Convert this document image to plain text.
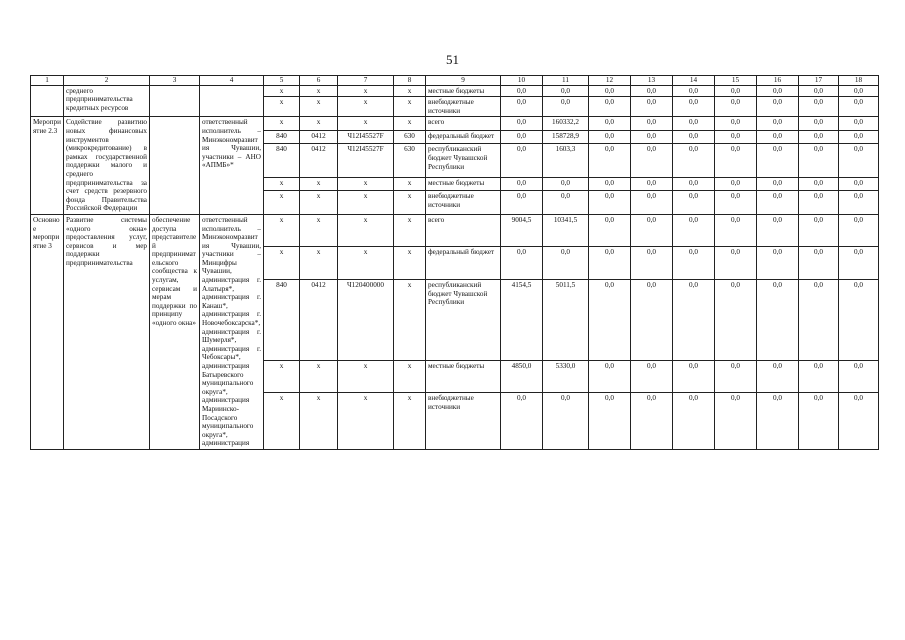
51
1	2	3	4	5	6	7	8	9	10	11	12	13	14	15	16	17	18
	среднего предпринимательства кредитных ресурсов			x	x	x	x	местные бюджеты	0,0	0,0	0,0	0,0	0,0	0,0	0,0	0,0	0,0
				x	x	x	x	внебюджетные источники	0,0	0,0	0,0	0,0	0,0	0,0	0,0	0,0	0,0
Мероприятие 2.3	Содействие развитию новых финансовых инструментов (микрокредитование) в рамках государственной поддержки малого и среднего предпринимательства за счет средств резервного фонда Правительства Российской Федерации		ответственный исполнитель – Минэкономразвития Чувашии, участники – АНО «АПМБ»*	x	x	x	x	всего	0,0	160332,2	0,0	0,0	0,0	0,0	0,0	0,0	0,0
				840	0412	Ч12I45527F	630	федеральный бюджет	0,0	158728,9	0,0	0,0	0,0	0,0	0,0	0,0	0,0
				840	0412	Ч12I45527F	630	республиканский бюджет Чувашской Республики	0,0	1603,3	0,0	0,0	0,0	0,0	0,0	0,0	0,0
				x	x	x	x	местные бюджеты	0,0	0,0	0,0	0,0	0,0	0,0	0,0	0,0	0,0
				x	x	x	x	внебюджетные источники	0,0	0,0	0,0	0,0	0,0	0,0	0,0	0,0	0,0
Основное мероприятие 3	Развитие системы «одного окна» предоставления услуг, сервисов и мер поддержки предпринимательства	обеспечение доступа представителей предпринимательского сообщества к услугам, сервисам и мерам поддержки по принципу «одного окна»	ответственный исполнитель – Минэкономразвития Чувашии, участники – Минцифры Чувашии, администрация г. Алатыря*, администрация г. Канаш*, администрация г. Новочебоксарска*, администрация г. Шумерля*, администрация г. Чебоксары*, администрация Батыревского муниципального округа*, администрация Мариинско-Посадского муниципального округа*, администрация	x	x	x	x	всего	9004,5	10341,5	0,0	0,0	0,0	0,0	0,0	0,0	0,0
				x	x	x	x	федеральный бюджет	0,0	0,0	0,0	0,0	0,0	0,0	0,0	0,0	0,0
				840	0412	Ч120400000	x	республиканский бюджет Чувашской Республики	4154,5	5011,5	0,0	0,0	0,0	0,0	0,0	0,0	0,0
				x	x	x	x	местные бюджеты	4850,0	5330,0	0,0	0,0	0,0	0,0	0,0	0,0	0,0
				x	x	x	x	внебюджетные источники	0,0	0,0	0,0	0,0	0,0	0,0	0,0	0,0	0,0
